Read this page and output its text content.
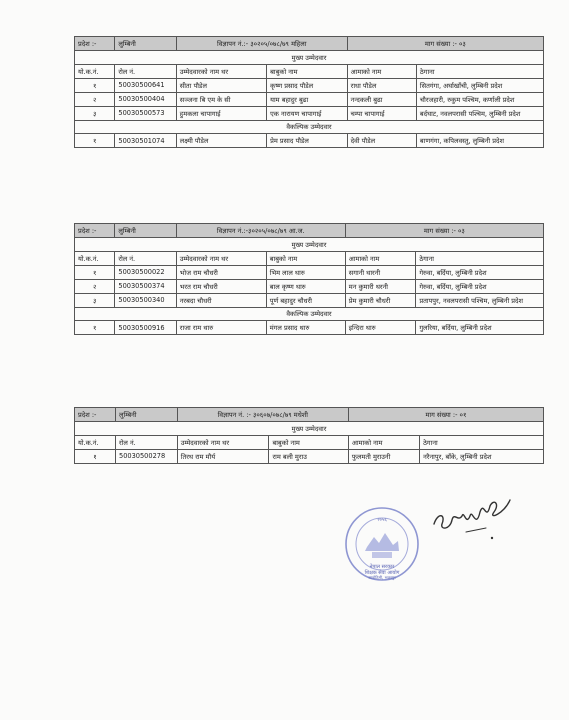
प्रदेश :-	लुम्बिनी	विज्ञापन नं.:- ३०२०५/०७८/७९ महिला		माग संख्या :- ०३	
मुख्य उम्मेदवार					
यो.क.नं.	रोल नं.	उम्मेदवारको नाम थर	बाबुको नाम	आमाको नाम	ठेगाना
१	50030500641	सीता पौडेल	कृष्ण प्रसाद पौडेल	राधा पौडेल	सितगंगा, अर्घाखाँची, लुम्बिनी प्रदेश
२	50030500404	सञ्जना बि एम के सी	याम बहादुर बुढा	नन्दकली बुढा	चौरजहारी, रुकुम पश्चिम, कर्णाली प्रदेश
३	50030500573	हुमकला चापागाई	एक नारायण चापागाई	चम्पा चापागाई	बर्दघाट, नवलपरासी पश्चिम, लुम्बिनी प्रदेश
वैकल्पिक उम्मेदवार					
१	50030501074	लक्ष्मी पौडेल	प्रेम प्रसाद पौडेल	देवी पौडेल	बाणगंगा, कपिलवस्तु, लुम्बिनी प्रदेश
प्रदेश :-	लुम्बिनी	विज्ञापन नं.:-३०२०५/०७८/७९ आ.ज.		माग संख्या :- ०३	
मुख्य उम्मेदवार					
यो.क.नं.	रोल नं.	उम्मेदवारको नाम थर	बाबुको नाम	आमाको नाम	ठेगाना
१	50030500022	भोज राम चौधरी	भिम लाल थारु	सगानी थारनी	गेरुवा, बर्दिया, लुम्बिनी प्रदेश
२	50030500374	भरत राम चौधरी	बाल कृष्ण थारु	मन कुमारी थरनी	गेरुवा, बर्दिया, लुम्बिनी प्रदेश
३	50030500340	नरबदा चौधरी	पूर्ण बहादुर चौधरी	प्रेम कुमारी चौधरी	प्रतापपुर, नवलपरासी पश्चिम, लुम्बिनी प्रदेश
वैकल्पिक उम्मेदवार					
१	50030500916	राजा राम थारु	मंगल प्रसाद थारु	इन्दिरा थारु	गुलरिया, बर्दिया, लुम्बिनी प्रदेश
प्रदेश :-	लुम्बिनी	विज्ञापन नं. :- ३०६०७/०७८/७९ मधेशी		माग संख्या :- ०१	
मुख्य उम्मेदवार					
यो.क.नं.	रोल नं.	उम्मेदवारको नाम थर	बाबुको नाम	आमाको नाम	ठेगाना
१	50030500278	तिरथ राम मौर्य	राम बली मुराउ	फुलमती मुराउनी	नरैनापुर, बाँके, लुम्बिनी प्रदेश
नेपाल सरकार
शिक्षक सेवा आयोग
सानोठिमी, भक्तपुर
२०५६
